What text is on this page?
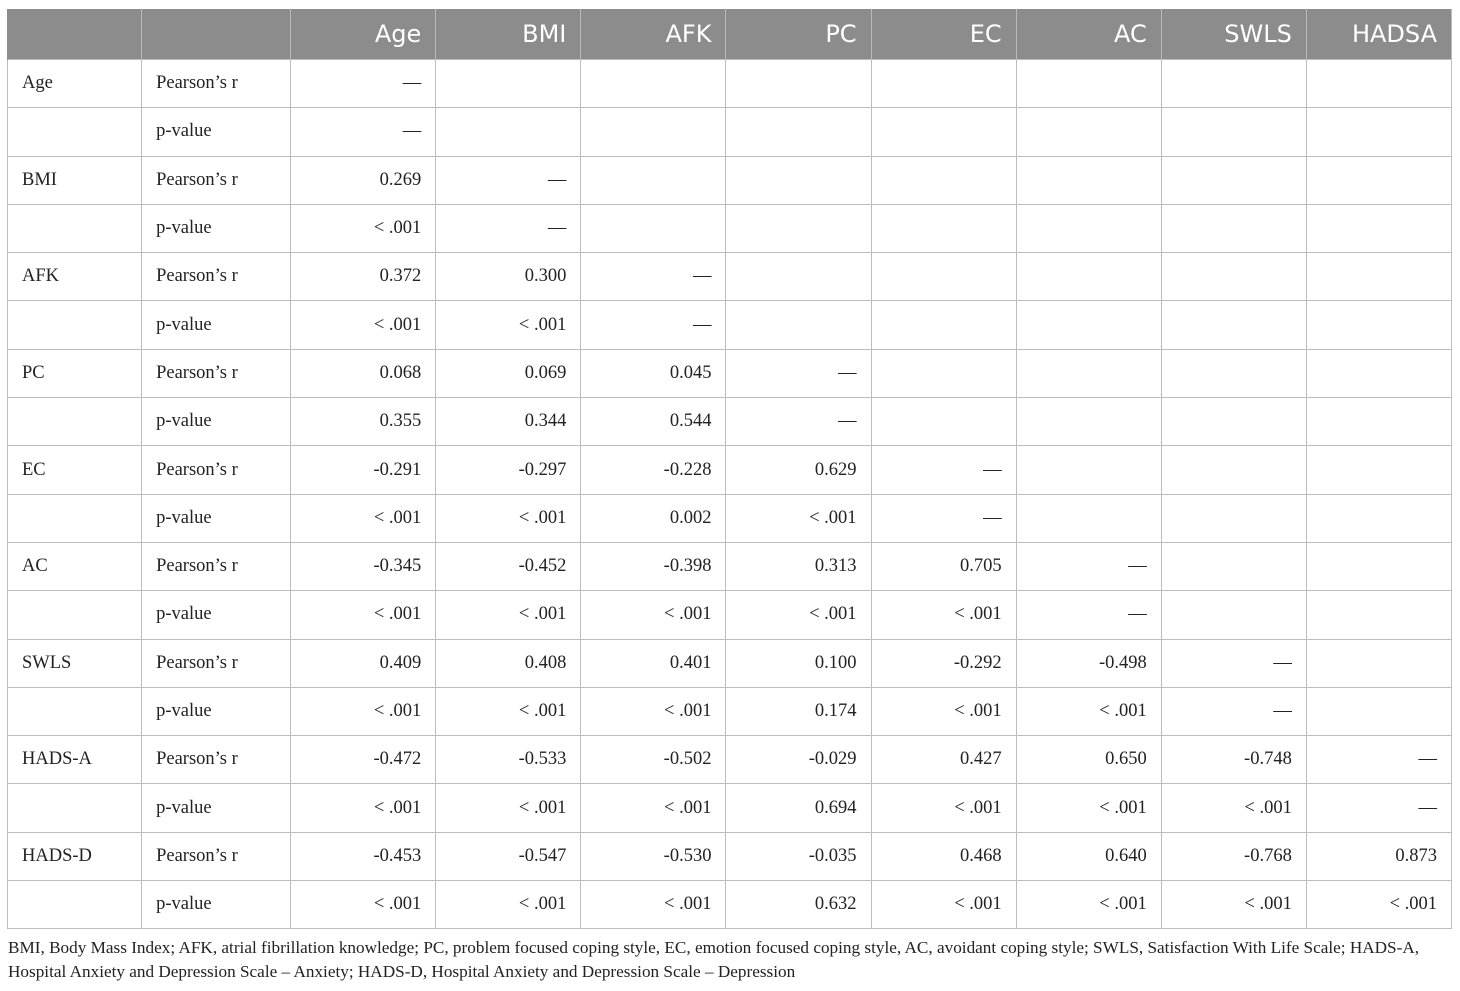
		Age	BMI	AFK	PC	EC	AC	SWLS	HADSA
Age	Pearson’s r	—							
	p-value	—							
BMI	Pearson’s r	0.269	—						
	p-value	< .001	—						
AFK	Pearson’s r	0.372	0.300	—					
	p-value	< .001	< .001	—					
PC	Pearson’s r	0.068	0.069	0.045	—				
	p-value	0.355	0.344	0.544	—				
EC	Pearson’s r	-0.291	-0.297	-0.228	0.629	—			
	p-value	< .001	< .001	0.002	< .001	—			
AC	Pearson’s r	-0.345	-0.452	-0.398	0.313	0.705	—		
	p-value	< .001	< .001	< .001	< .001	< .001	—		
SWLS	Pearson’s r	0.409	0.408	0.401	0.100	-0.292	-0.498	—	
	p-value	< .001	< .001	< .001	0.174	< .001	< .001	—	
HADS-A	Pearson’s r	-0.472	-0.533	-0.502	-0.029	0.427	0.650	-0.748	—
	p-value	< .001	< .001	< .001	0.694	< .001	< .001	< .001	—
HADS-D	Pearson’s r	-0.453	-0.547	-0.530	-0.035	0.468	0.640	-0.768	0.873
	p-value	< .001	< .001	< .001	0.632	< .001	< .001	< .001	< .001
BMI, Body Mass Index; AFK, atrial fibrillation knowledge; PC, problem focused coping style, EC, emotion focused coping style, AC, avoidant coping style; SWLS, Satisfaction With Life Scale; HADS-A, Hospital Anxiety and Depression Scale – Anxiety; HADS-D, Hospital Anxiety and Depression Scale – Depression
